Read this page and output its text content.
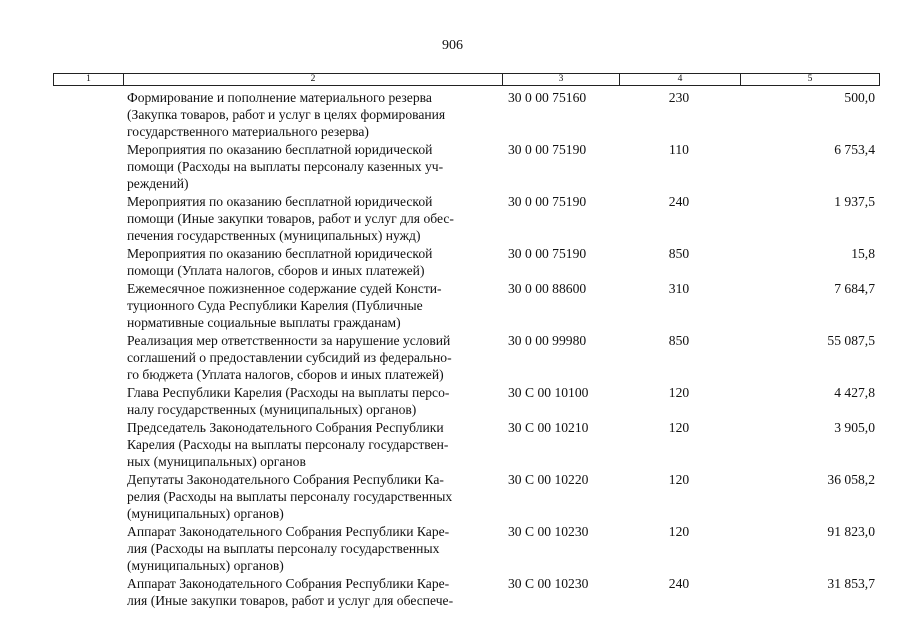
906
1	2	3	4	5
Формирование и пополнение материального резерва
(Закупка товаров, работ и услуг в целях формирования
государственного материального резерва)
30 0 00 75160	230	500,0
Мероприятия по оказанию бесплатной юридической
помощи (Расходы на выплаты персоналу казенных уч-
реждений)
30 0 00 75190	110	6 753,4
Мероприятия по оказанию бесплатной юридической
помощи (Иные закупки товаров, работ и услуг для обес-
печения государственных (муниципальных) нужд)
30 0 00 75190	240	1 937,5
Мероприятия по оказанию бесплатной юридической
помощи (Уплата налогов, сборов и иных платежей)
30 0 00 75190	850	15,8
Ежемесячное пожизненное содержание судей Консти-
туционного Суда Республики Карелия (Публичные
нормативные социальные выплаты гражданам)
30 0 00 88600	310	7 684,7
Реализация мер ответственности за нарушение условий
соглашений о предоставлении субсидий из федерально-
го бюджета (Уплата налогов, сборов и иных платежей)
30 0 00 99980	850	55 087,5
Глава Республики Карелия (Расходы на выплаты персо-
налу государственных (муниципальных) органов)
30 С 00 10100	120	4 427,8
Председатель Законодательного Собрания Республики
Карелия (Расходы на выплаты персоналу государствен-
ных (муниципальных) органов
30 С 00 10210	120	3 905,0
Депутаты Законодательного Собрания Республики Ка-
релия (Расходы на выплаты персоналу государственных
(муниципальных) органов)
30 С 00 10220	120	36 058,2
Аппарат Законодательного Собрания Республики Каре-
лия (Расходы на выплаты персоналу государственных
(муниципальных) органов)
30 С 00 10230	120	91 823,0
Аппарат Законодательного Собрания Республики Каре-
лия (Иные закупки товаров, работ и услуг для обеспече-
30 С 00 10230	240	31 853,7
